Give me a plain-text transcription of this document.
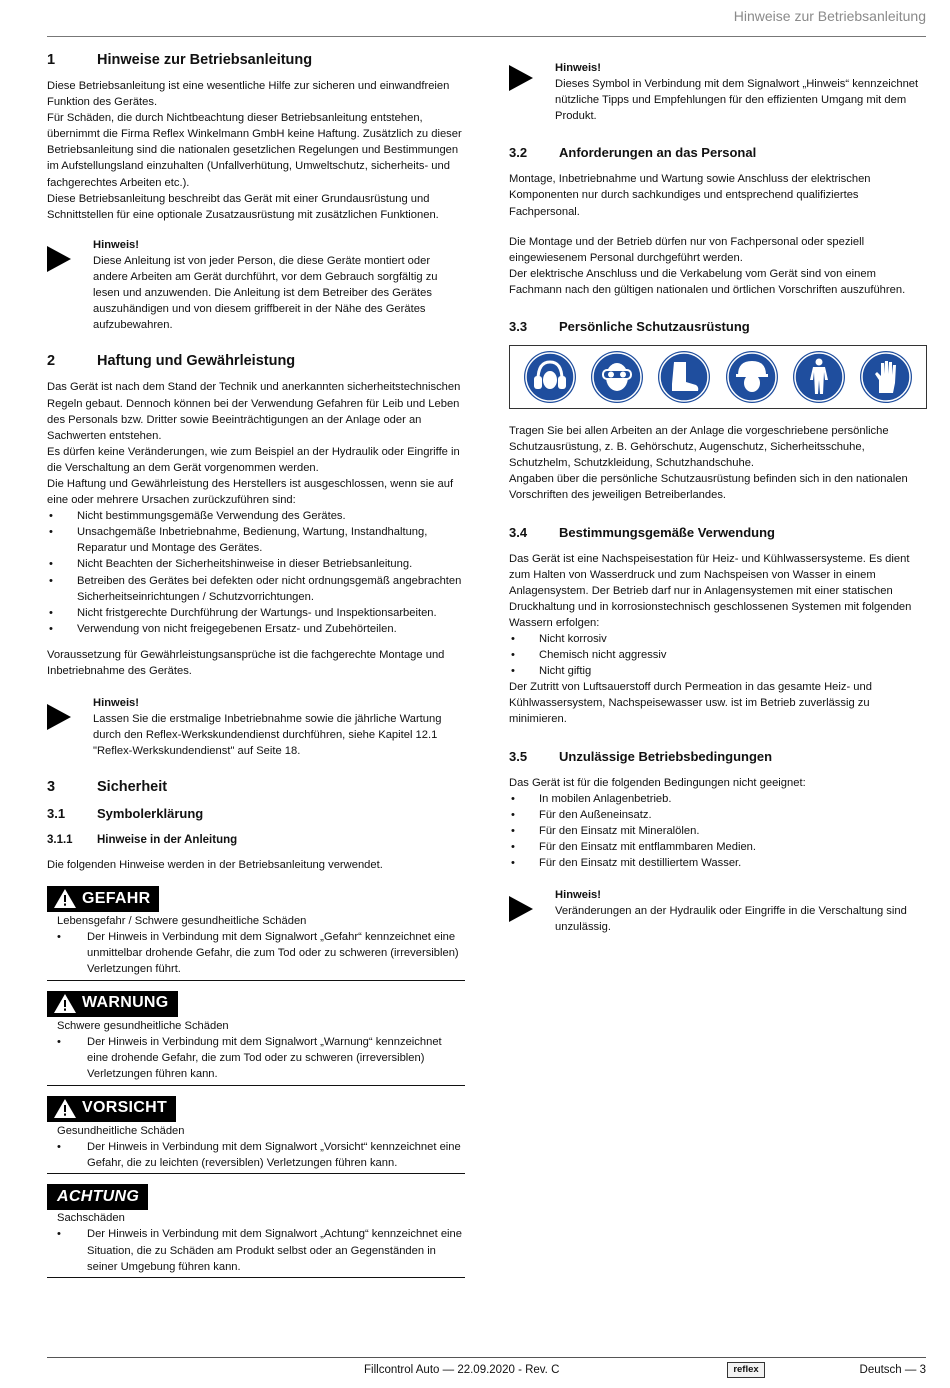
Hinweise zur Betriebsanleitung
1	Hinweise zur Betriebsanleitung

Diese Betriebsanleitung ist eine wesentliche Hilfe zur sicheren und einwandfreien Funktion des Gerätes.

Für Schäden, die durch Nichtbeachtung dieser Betriebsanleitung entstehen, übernimmt die Firma Reflex Winkelmann GmbH keine Haftung. Zusätzlich zu dieser Betriebsanleitung sind die nationalen gesetzlichen Regelungen und Bestimmungen im Aufstellungsland einzuhalten (Unfallverhütung, Umweltschutz, sicherheits- und fachgerechtes Arbeiten etc.).

Diese Betriebsanleitung beschreibt das Gerät mit einer Grundausrüstung und Schnittstellen für eine optionale Zusatzausrüstung mit zusätzlichen Funktionen.

Hinweis!
Diese Anleitung ist von jeder Person, die diese Geräte montiert oder andere Arbeiten am Gerät durchführt, vor dem Gebrauch sorgfältig zu lesen und anzuwenden. Die Anleitung ist dem Betreiber des Gerätes auszuhändigen und von diesem griffbereit in der Nähe des Gerätes aufzubewahren.
2	Haftung und Gewährleistung

Das Gerät ist nach dem Stand der Technik und anerkannten sicherheitstechnischen Regeln gebaut. Dennoch können bei der Verwendung Gefahren für Leib und Leben des Personals bzw. Dritter sowie Beeinträchtigungen an der Anlage oder an Sachwerten entstehen.

Es dürfen keine Veränderungen, wie zum Beispiel an der Hydraulik oder Eingriffe in die Verschaltung an dem Gerät vorgenommen werden.

Die Haftung und Gewährleistung des Herstellers ist ausgeschlossen, wenn sie auf eine oder mehrere Ursachen zurückzuführen sind:

• Nicht bestimmungsgemäße Verwendung des Gerätes.
• Unsachgemäße Inbetriebnahme, Bedienung, Wartung, Instandhaltung, Reparatur und Montage des Gerätes.
• Nicht Beachten der Sicherheitshinweise in dieser Betriebsanleitung.
• Betreiben des Gerätes bei defekten oder nicht ordnungsgemäß angebrachten Sicherheitseinrichtungen / Schutzvorrichtungen.
• Nicht fristgerechte Durchführung der Wartungs- und Inspektionsarbeiten.
• Verwendung von nicht freigegebenen Ersatz- und Zubehörteilen.

Voraussetzung für Gewährleistungsansprüche ist die fachgerechte Montage und Inbetriebnahme des Gerätes.

Hinweis!
Lassen Sie die erstmalige Inbetriebnahme sowie die jährliche Wartung durch den Reflex-Werkskundendienst durchführen, siehe Kapitel 12.1 "Reflex-Werkskundendienst" auf Seite 18.
3	Sicherheit
3.1	Symbolerklärung
3.1.1	Hinweise in der Anleitung

Die folgenden Hinweise werden in der Betriebsanleitung verwendet.

GEFAHR
Lebensgefahr / Schwere gesundheitliche Schäden
• Der Hinweis in Verbindung mit dem Signalwort „Gefahr“ kennzeichnet eine unmittelbar drohende Gefahr, die zum Tod oder zu schweren (irreversiblen) Verletzungen führt.
WARNUNG
Schwere gesundheitliche Schäden
• Der Hinweis in Verbindung mit dem Signalwort „Warnung“ kennzeichnet eine drohende Gefahr, die zum Tod oder zu schweren (irreversiblen) Verletzungen führen kann.
VORSICHT
Gesundheitliche Schäden
• Der Hinweis in Verbindung mit dem Signalwort „Vorsicht“ kennzeichnet eine Gefahr, die zu leichten (reversiblen) Verletzungen führen kann.
ACHTUNG
Sachschäden
• Der Hinweis in Verbindung mit dem Signalwort „Achtung“ kennzeichnet eine Situation, die zu Schäden am Produkt selbst oder an Gegenständen in seiner Umgebung führen kann.
Hinweis!
Dieses Symbol in Verbindung mit dem Signalwort „Hinweis“ kennzeichnet nützliche Tipps und Empfehlungen für den effizienten Umgang mit dem Produkt.
3.2	Anforderungen an das Personal

Montage, Inbetriebnahme und Wartung sowie Anschluss der elektrischen Komponenten nur durch sachkundiges und entsprechend qualifiziertes Fachpersonal.

Die Montage und der Betrieb dürfen nur von Fachpersonal oder speziell eingewiesenem Personal durchgeführt werden.

Der elektrische Anschluss und die Verkabelung vom Gerät sind von einem Fachmann nach den gültigen nationalen und örtlichen Vorschriften auszuführen.

3.3	Persönliche Schutzausrüstung

Tragen Sie bei allen Arbeiten an der Anlage die vorgeschriebene persönliche Schutzausrüstung, z. B. Gehörschutz, Augenschutz, Sicherheitsschuhe, Schutzhelm, Schutzkleidung, Schutzhandschuhe.

Angaben über die persönliche Schutzausrüstung befinden sich in den nationalen Vorschriften des jeweiligen Betreiberlandes.

3.4	Bestimmungsgemäße Verwendung

Das Gerät ist eine Nachspeisestation für Heiz- und Kühlwassersysteme. Es dient zum Halten von Wasserdruck und zum Nachspeisen von Wasser in einem Anlagensystem. Der Betrieb darf nur in Anlagensystemen mit einer statischen Druckhaltung und in korrosionstechnisch geschlossenen Systemen mit folgenden Wassern erfolgen:

• Nicht korrosiv
• Chemisch nicht aggressiv
• Nicht giftig

Der Zutritt von Luftsauerstoff durch Permeation in das gesamte Heiz- und Kühlwassersystem, Nachspeisewasser usw. ist im Betrieb zuverlässig zu minimieren.

3.5	Unzulässige Betriebsbedingungen

Das Gerät ist für die folgenden Bedingungen nicht geeignet:

• In mobilen Anlagenbetrieb.
• Für den Außeneinsatz.
• Für den Einsatz mit Mineralölen.
• Für den Einsatz mit entflammbaren Medien.
• Für den Einsatz mit destilliertem Wasser.
Hinweis!
Veränderungen an der Hydraulik oder Eingriffe in die Verschaltung sind unzulässig.
Fillcontrol Auto — 22.09.2020 - Rev. C	reflex	Deutsch — 3
